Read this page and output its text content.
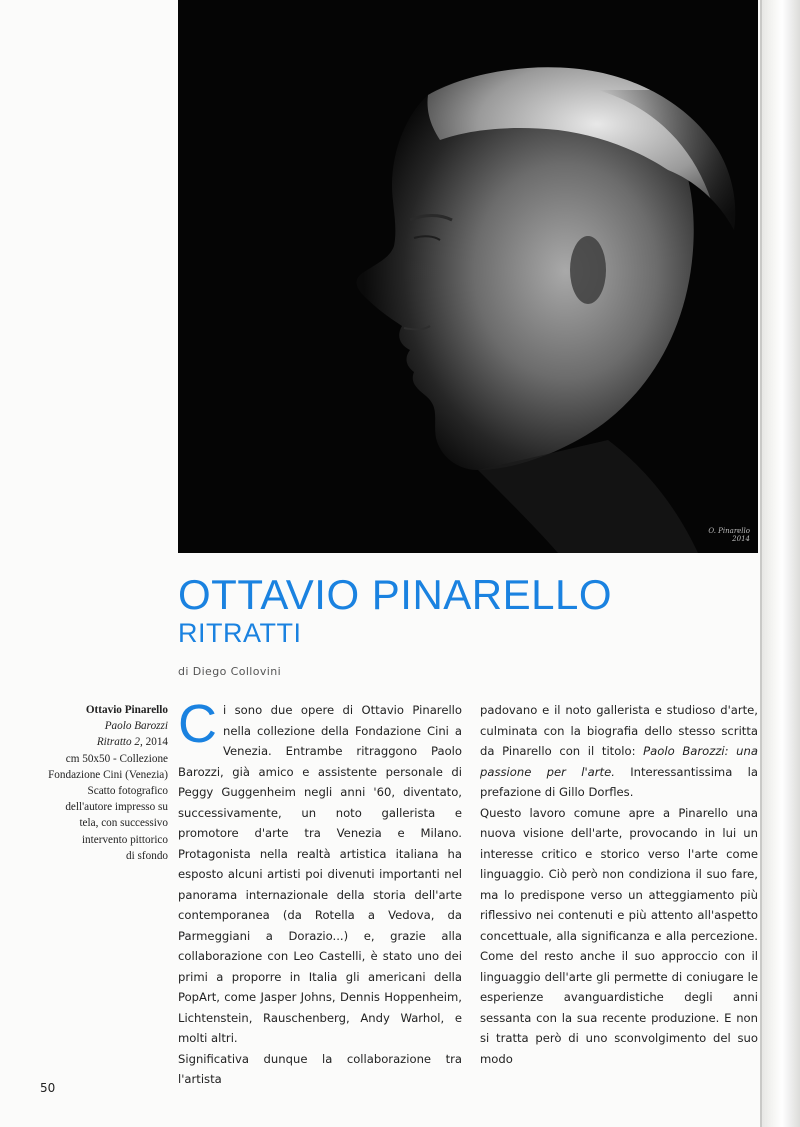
O. Pinarello
2014
OTTAVIO PINARELLO
RITRATTI
di Diego Collovini
Ottavio Pinarello
Paolo Barozzi
Ritratto 2, 2014
cm 50x50 - Collezione
Fondazione Cini (Venezia)
Scatto fotografico
dell'autore impresso su
tela, con successivo
intervento pittorico
di sfondo

Ci sono due opere di Ottavio Pinarello nella collezione della Fondazione Cini a Venezia. Entrambe ritraggono Paolo Barozzi, già amico e assistente personale di Peggy Guggenheim negli anni '60, diventato, successivamente, un noto gallerista e promotore d'arte tra Venezia e Milano. Protagonista nella realtà artistica italiana ha esposto alcuni artisti poi divenuti importanti nel panorama internazionale della storia dell'arte contemporanea (da Rotella a Vedova, da Parmeggiani a Dorazio...) e, grazie alla collaborazione con Leo Castelli, è stato uno dei primi a proporre in Italia gli americani della PopArt, come Jasper Johns, Dennis Hoppenheim, Lichtenstein, Rauschenberg, Andy Warhol, e molti altri.

Significativa dunque la collaborazione tra l'artista

padovano e il noto gallerista e studioso d'arte, culminata con la biografia dello stesso scritta da Pinarello con il titolo: Paolo Barozzi: una passione per l'arte. Interessantissima la prefazione di Gillo Dorfles.

Questo lavoro comune apre a Pinarello una nuova visione dell'arte, provocando in lui un interesse critico e storico verso l'arte come linguaggio. Ciò però non condiziona il suo fare, ma lo predispone verso un atteggiamento più riflessivo nei contenuti e più attento all'aspetto concettuale, alla significanza e alla percezione. Come del resto anche il suo approccio con il linguaggio dell'arte gli permette di coniugare le esperienze avanguardistiche degli anni sessanta con la sua recente produzione. E non si tratta però di uno sconvolgimento del suo modo

50
